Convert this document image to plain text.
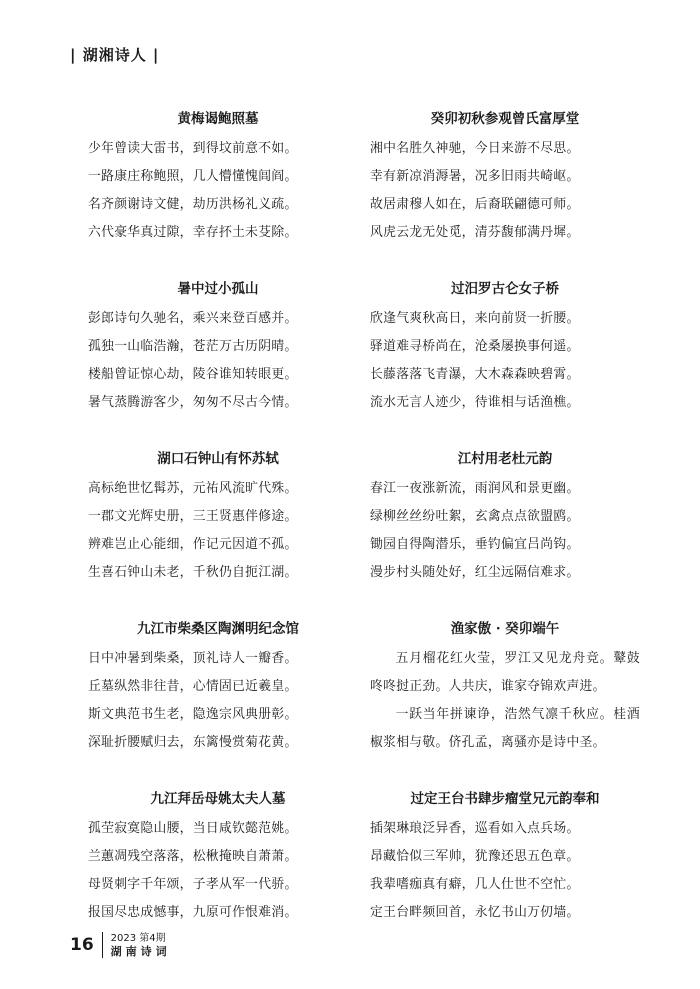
| 湖湘诗人 |
黄梅谒鲍照墓
少年曾读大雷书，到得坟前意不如。
一路康庄称鲍照，几人懵懂愧闾阎。
名齐颜谢诗文健，劫历洪杨礼义疏。
六代豪华真过隙，幸存抔土未芟除。
暑中过小孤山
彭郎诗句久驰名，乘兴来登百感并。
孤独一山临浩瀚，苍茫万古历阴晴。
楼船曾证惊心劫，陵谷谁知转眼更。
暑气蒸腾游客少，匆匆不尽古今情。
湖口石钟山有怀苏轼
高标绝世忆髯苏，元祐风流旷代殊。
一郡文光辉史册，三王贤惠伴修途。
辨难岂止心能细，作记元因道不孤。
生喜石钟山未老，千秋仍自扼江湖。
九江市柴桑区陶渊明纪念馆
日中冲暑到柴桑，顶礼诗人一瓣香。
丘墓纵然非往昔，心情固已近羲皇。
斯文典范书生老，隐逸宗风典册彰。
深耻折腰赋归去，东篱慢赏菊花黄。
九江拜岳母姚太夫人墓
孤茔寂寞隐山腰，当日咸钦懿范姚。
兰蕙凋残空落落，松楸掩映自萧萧。
母贤刺字千年颂，子孝从军一代骄。
报国尽忠成憾事，九原可作恨难消。
癸卯初秋参观曾氏富厚堂
湘中名胜久神驰，今日来游不尽思。
幸有新凉消溽暑，况多旧雨共崎岖。
故居肃穆人如在，后裔联翩德可师。
风虎云龙无处觅，清芬馥郁满丹墀。
过汨罗古仑女子桥
欣逢气爽秋高日，来向前贤一折腰。
驿道难寻桥尚在，沧桑屡换事何遥。
长藤落落飞青瀑，大木森森映碧霄。
流水无言人迹少，待谁相与话渔樵。
江村用老杜元韵
春江一夜涨新流，雨润风和景更幽。
绿柳丝丝纷吐絮，玄禽点点欲盟鸥。
锄园自得陶潜乐，垂钓偏宜吕尚钩。
漫步村头随处好，红尘远隔信难求。
渔家傲 · 癸卯端午

五月榴花红火莹，罗江又见龙舟竞。鼙鼓咚咚挝正劲。人共庆，谁家夺锦欢声进。

一跃当年拼谏诤，浩然气凛千秋应。桂酒椒浆相与敬。侪孔孟，离骚亦是诗中圣。

过定王台书肆步瘤堂兄元韵奉和
插架琳琅泛异香，巡看如入点兵场。
昂藏恰似三军帅，犹豫还思五色章。
我辈嗜痂真有癖，几人仕世不空忙。
定王台畔频回首，永忆书山万仞墙。
16 2023 第4期
湖南诗词
